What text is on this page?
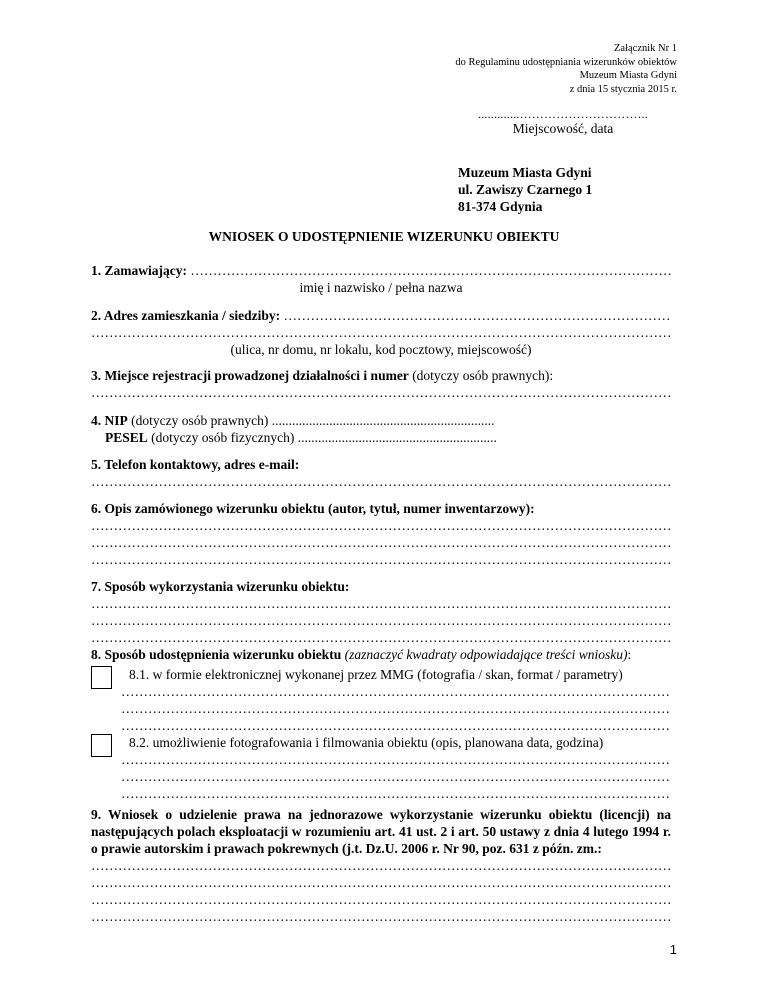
Załącznik Nr 1
do Regulaminu udostępniania wizerunków obiektów
Muzeum Miasta Gdyni
z dnia 15 stycznia 2015 r.
.............…………………………..
Miejscowość, data
Muzeum Miasta Gdyni
ul. Zawiszy Czarnego 1
81-374 Gdynia
WNIOSEK O UDOSTĘPNIENIE WIZERUNKU OBIEKTU
1. Zamawiający: ……………………………………………………………………………………………………………………………………………………………………………………
imię i nazwisko / pełna nazwa
2. Adres zamieszkania / siedziby: ……………………………………………………………………………………………………………………………………………………………………………………
……………………………………………………………………………………………………………………………………………………………………………………
(ulica, nr domu, nr lokalu, kod pocztowy, miejscowość)
3. Miejsce rejestracji prowadzonej działalności i numer (dotyczy osób prawnych):
……………………………………………………………………………………………………………………………………………………………………………………
4. NIP (dotyczy osób prawnych) ..................................................................
PESEL (dotyczy osób fizycznych) ...........................................................
5. Telefon kontaktowy, adres e-mail:
……………………………………………………………………………………………………………………………………………………………………………………
6. Opis zamówionego wizerunku obiektu (autor, tytuł, numer inwentarzowy):
……………………………………………………………………………………………………………………………………………………………………………………
……………………………………………………………………………………………………………………………………………………………………………………
……………………………………………………………………………………………………………………………………………………………………………………
7. Sposób wykorzystania wizerunku obiektu:
……………………………………………………………………………………………………………………………………………………………………………………
……………………………………………………………………………………………………………………………………………………………………………………
……………………………………………………………………………………………………………………………………………………………………………………
8. Sposób udostępnienia wizerunku obiektu (zaznaczyć kwadraty odpowiadające treści wniosku):
8.1. w formie elektronicznej wykonanej przez MMG (fotografia / skan, format / parametry)
……………………………………………………………………………………………………………………………………………………………………………………
……………………………………………………………………………………………………………………………………………………………………………………
……………………………………………………………………………………………………………………………………………………………………………………
8.2. umożliwienie fotografowania i filmowania obiektu (opis, planowana data, godzina)
……………………………………………………………………………………………………………………………………………………………………………………
……………………………………………………………………………………………………………………………………………………………………………………
……………………………………………………………………………………………………………………………………………………………………………………
9. Wniosek o udzielenie prawa na jednorazowe wykorzystanie wizerunku obiektu (licencji) na następujących polach eksploatacji w rozumieniu art. 41 ust. 2 i art. 50 ustawy z dnia 4 lutego 1994 r. o prawie autorskim i prawach pokrewnych (j.t. Dz.U. 2006 r. Nr 90, poz. 631 z późn. zm.:
……………………………………………………………………………………………………………………………………………………………………………………
……………………………………………………………………………………………………………………………………………………………………………………
……………………………………………………………………………………………………………………………………………………………………………………
……………………………………………………………………………………………………………………………………………………………………………………
1
